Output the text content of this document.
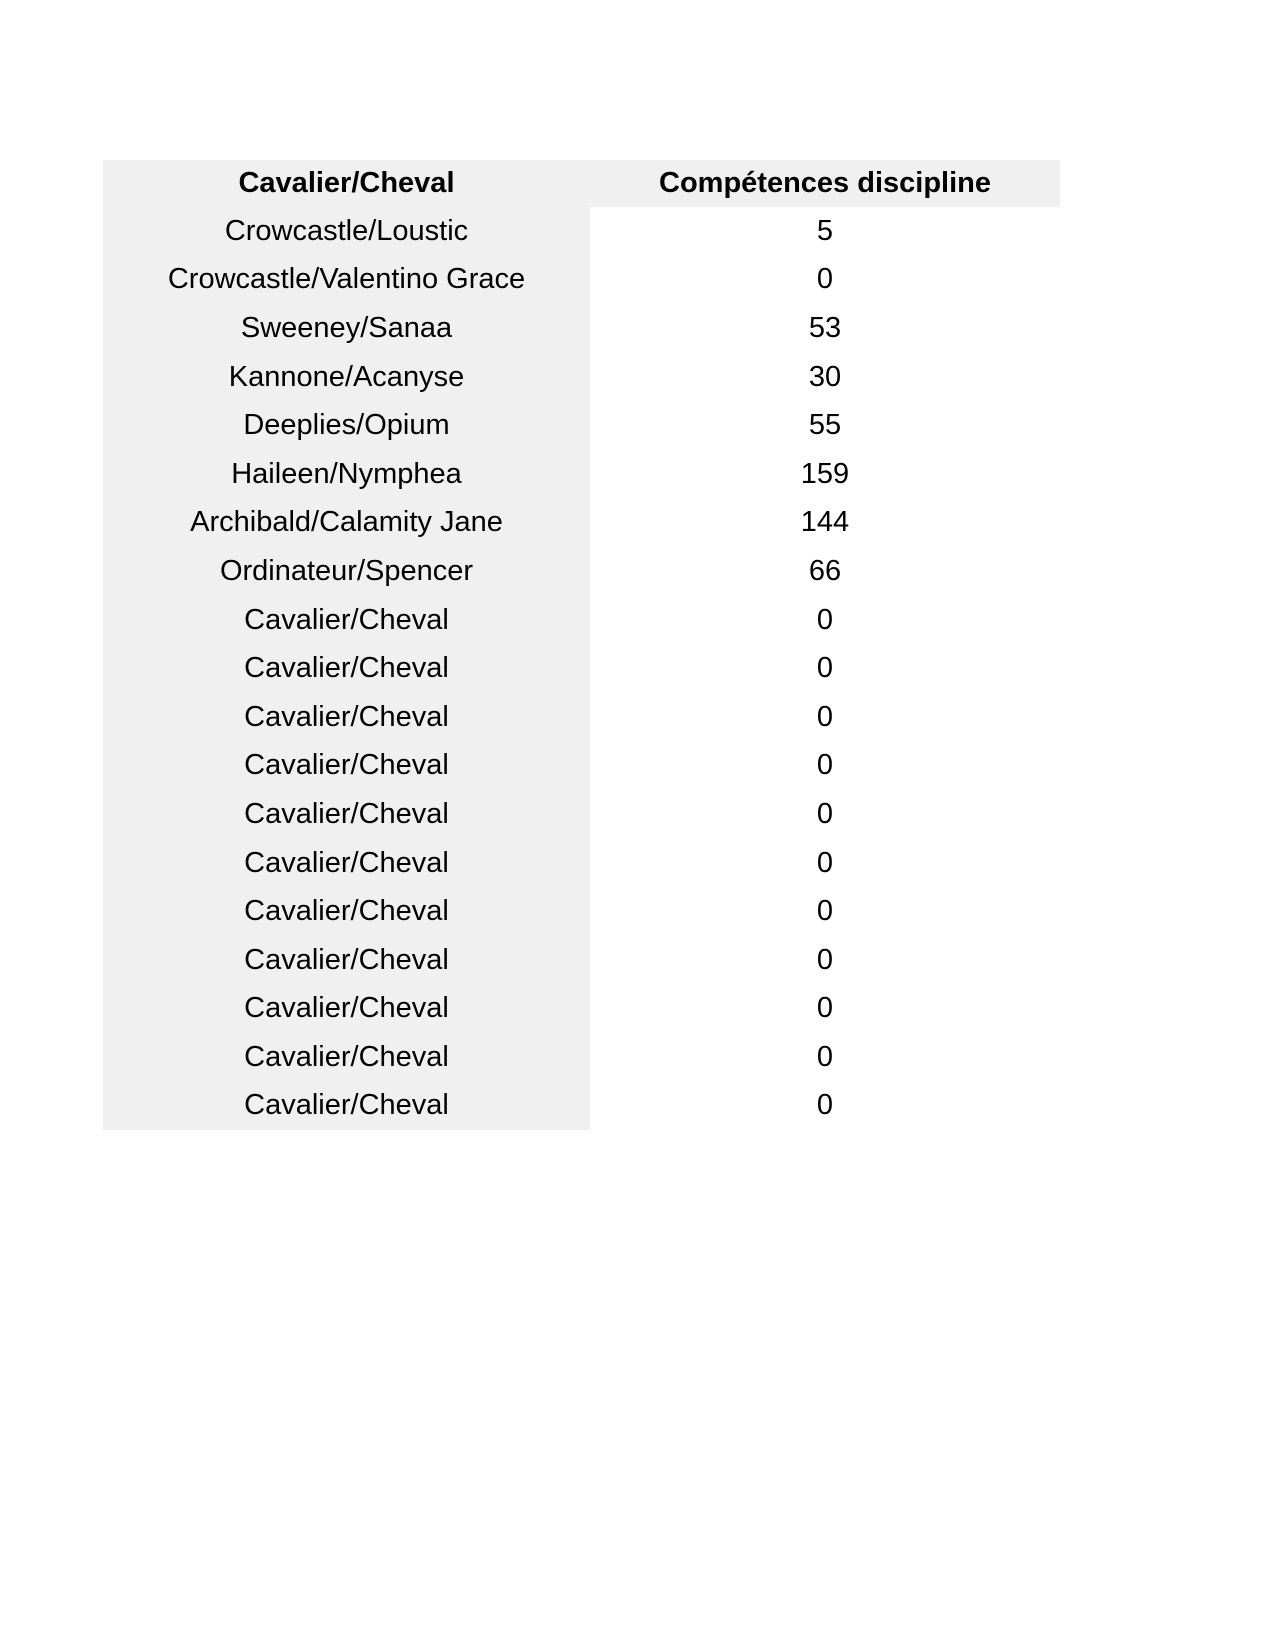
Cavalier/Cheval	Compétences discipline
Crowcastle/Loustic	5
Crowcastle/Valentino Grace	0
Sweeney/Sanaa	53
Kannone/Acanyse	30
Deeplies/Opium	55
Haileen/Nymphea	159
Archibald/Calamity Jane	144
Ordinateur/Spencer	66
Cavalier/Cheval	0
Cavalier/Cheval	0
Cavalier/Cheval	0
Cavalier/Cheval	0
Cavalier/Cheval	0
Cavalier/Cheval	0
Cavalier/Cheval	0
Cavalier/Cheval	0
Cavalier/Cheval	0
Cavalier/Cheval	0
Cavalier/Cheval	0
